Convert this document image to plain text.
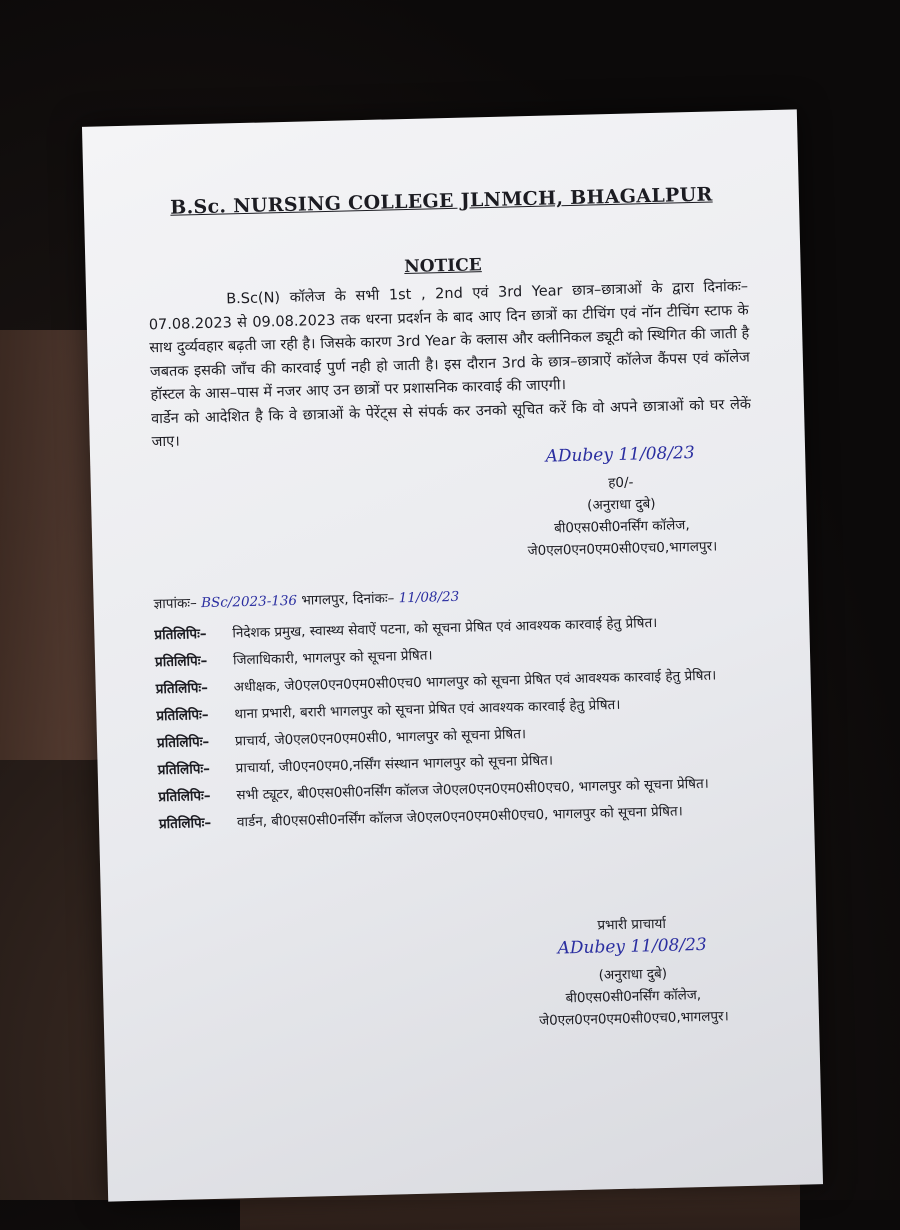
B.Sc. NURSING COLLEGE JLNMCH, BHAGALPUR
NOTICE

B.Sc(N) कॉलेज के सभी 1st , 2nd एवं 3rd Year छात्र–छात्राओं के द्वारा दिनांकः– 07.08.2023 से 09.08.2023 तक धरना प्रदर्शन के बाद आए दिन छात्रों का टीचिंग एवं नॉन टीचिंग स्टाफ के साथ दुर्व्यवहार बढ़ती जा रही है। जिसके कारण 3rd Year के क्लास और क्लीनिकल ड्यूटी को स्थिगित की जाती है जबतक इसकी जाँच की कारवाई पुर्ण नही हो जाती है। इस दौरान 3rd के छात्र–छात्राऐं कॉलेज कैंपस एवं कॉलेज हॉस्टल के आस–पास में नजर आए उन छात्रों पर प्रशासनिक कारवाई की जाएगी।

वार्डेन को आदेशित है कि वे छात्राओं के पेरेंट्स से संपर्क कर उनको सूचित करें कि वो अपने छात्राओं को घर लेकें जाए।

ADubey 11/08/23
ह0/-
(अनुराधा दुबे)
बी0एस0सी0नर्सिंग कॉलेज,
जे0एल0एन0एम0सी0एच0,भागलपुर।
ज्ञापांकः– BSc/2023-136 भागलपुर, दिनांकः– 11/08/23
प्रतिलिपिः–	निदेशक प्रमुख, स्वास्थ्य सेवाऐं पटना, को सूचना प्रेषित एवं आवश्यक कारवाई हेतु प्रेषित।
प्रतिलिपिः–	जिलाधिकारी, भागलपुर को सूचना प्रेषित।
प्रतिलिपिः–	अधीक्षक, जे0एल0एन0एम0सी0एच0 भागलपुर को सूचना प्रेषित एवं आवश्यक कारवाई हेतु प्रेषित।
प्रतिलिपिः–	थाना प्रभारी, बरारी भागलपुर को सूचना प्रेषित एवं आवश्यक कारवाई हेतु प्रेषित।
प्रतिलिपिः–	प्राचार्य, जे0एल0एन0एम0सी0, भागलपुर को सूचना प्रेषित।
प्रतिलिपिः–	प्राचार्या, जी0एन0एम0,नर्सिंग संस्थान भागलपुर को सूचना प्रेषित।
प्रतिलिपिः–	सभी ट्यूटर, बी0एस0सी0नर्सिंग कॉलज जे0एल0एन0एम0सी0एच0, भागलपुर को सूचना प्रेषित।
प्रतिलिपिः–	वार्डन, बी0एस0सी0नर्सिंग कॉलज जे0एल0एन0एम0सी0एच0, भागलपुर को सूचना प्रेषित।
प्रभारी प्राचार्या
ADubey 11/08/23
(अनुराधा दुबे)
बी0एस0सी0नर्सिंग कॉलेज,
जे0एल0एन0एम0सी0एच0,भागलपुर।
